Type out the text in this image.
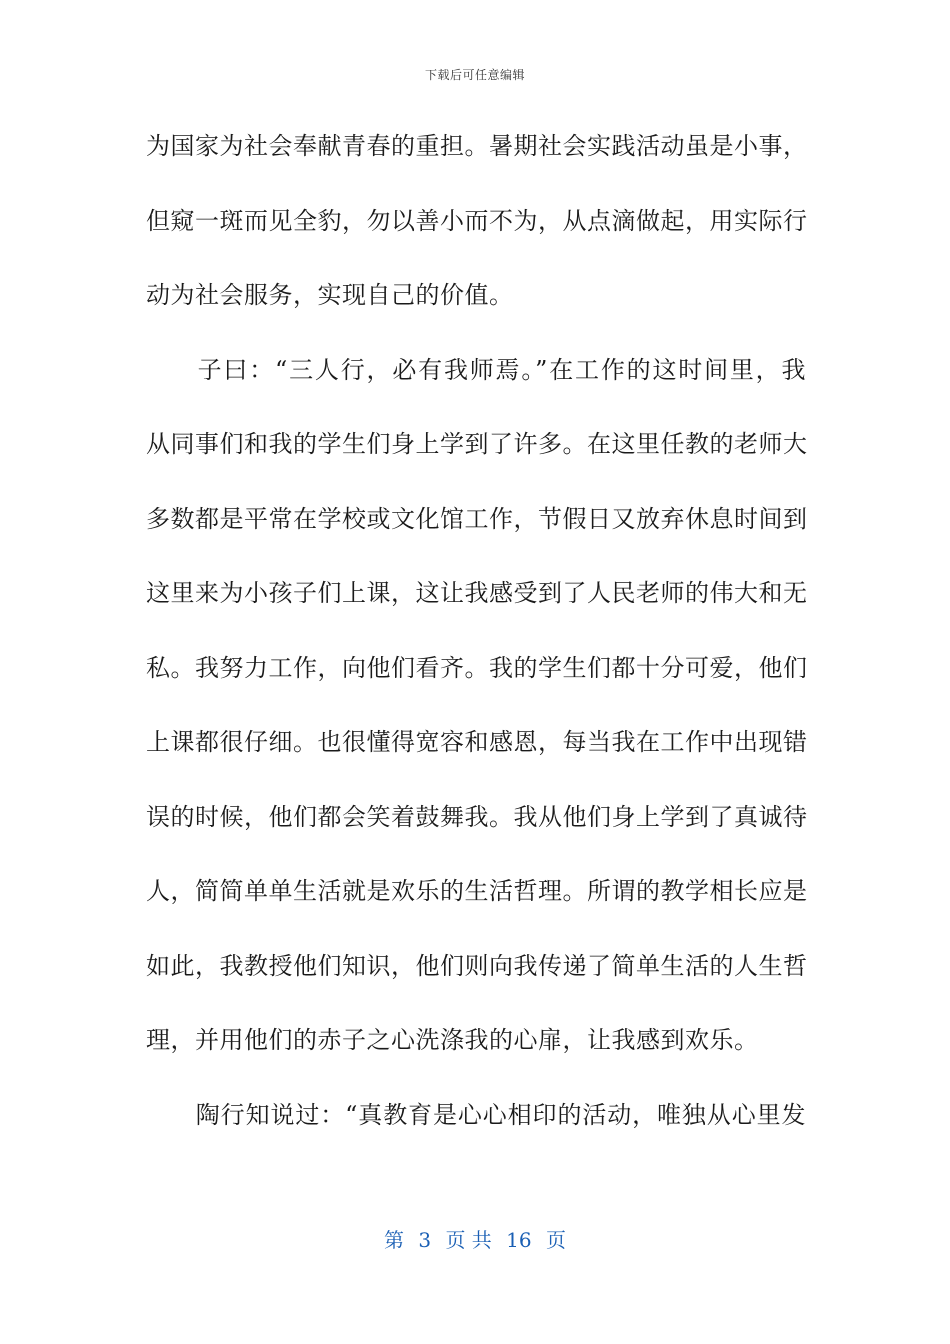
下载后可任意编辑
为国家为社会奉献青春的重担。暑期社会实践活动虽是小事，
但窥一斑而见全豹，勿以善小而不为，从点滴做起，用实际行
动为社会服务，实现自己的价值。
　　子曰：“三人行，必有我师焉。”在工作的这时间里，我
从同事们和我的学生们身上学到了许多。在这里任教的老师大
多数都是平常在学校或文化馆工作，节假日又放弃休息时间到
这里来为小孩子们上课，这让我感受到了人民老师的伟大和无
私。我努力工作，向他们看齐。我的学生们都十分可爱，他们
上课都很仔细。也很懂得宽容和感恩，每当我在工作中出现错
误的时候，他们都会笑着鼓舞我。我从他们身上学到了真诚待
人，简简单单生活就是欢乐的生活哲理。所谓的教学相长应是
如此，我教授他们知识，他们则向我传递了简单生活的人生哲
理，并用他们的赤子之心洗涤我的心扉，让我感到欢乐。
　　陶行知说过：“真教育是心心相印的活动，唯独从心里发
第 3 页 共 16 页
